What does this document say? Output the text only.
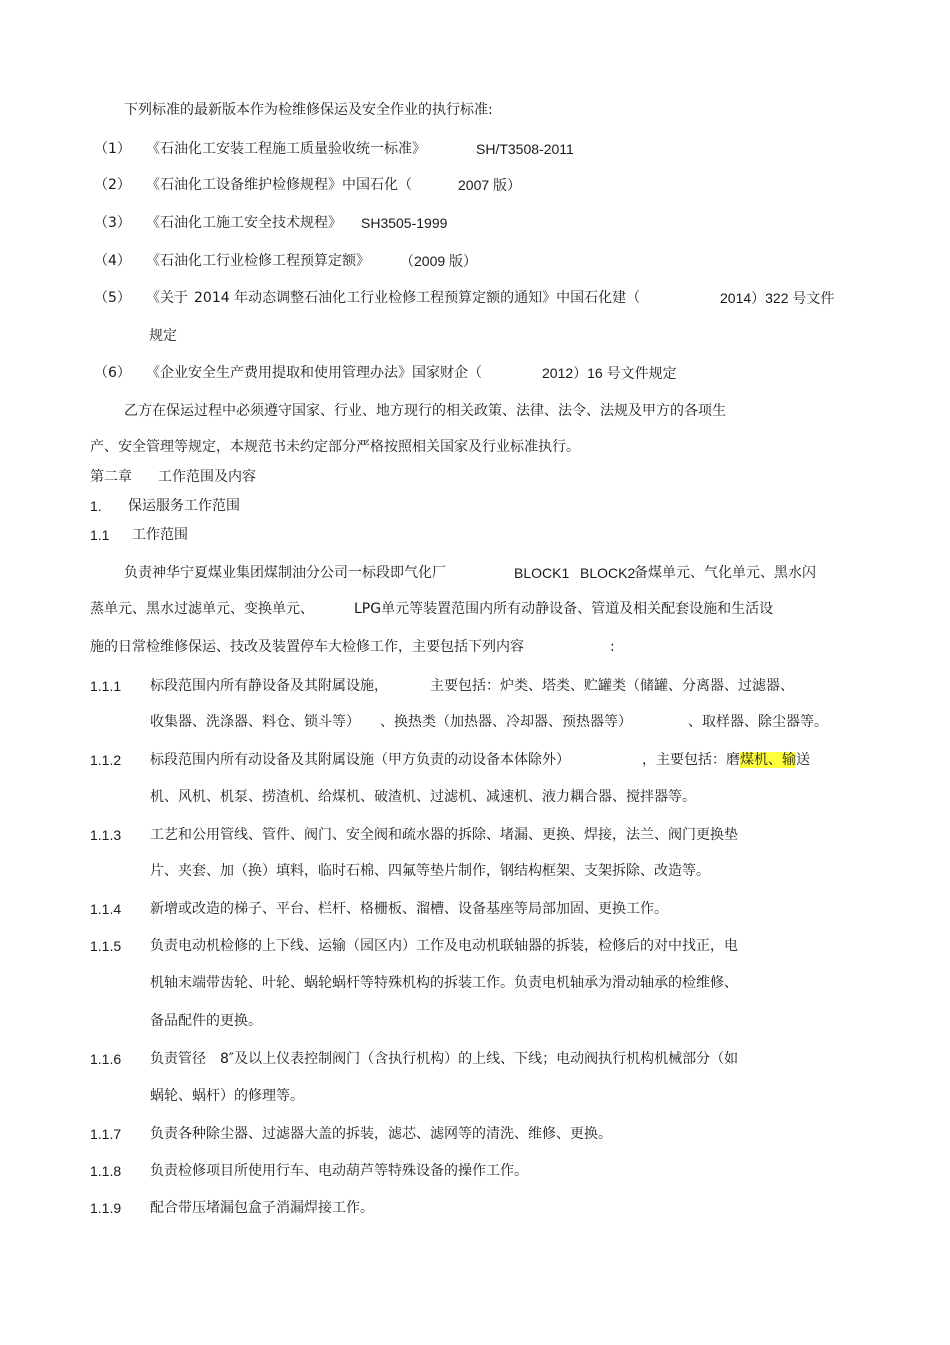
下列标准的最新版本作为检维修保运及安全作业的执行标准:
（1） 《石油化工安装工程施工质量验收统一标准》	SH/T3508-2011
（2） 《石油化工设备维护检修规程》中国石化（	2007 版）
（3） 《石油化工施工安全技术规程》 SH3505-1999
（4） 《石油化工行业检修工程预算定额》 （2009 版）
（5） 《关于 2014 年动态调整石油化工行业检修工程预算定额的通知》中国石化建（	2014）322 号文件
规定
（6） 《企业安全生产费用提取和使用管理办法》国家财企（	2012）16 号文件规定
乙方在保运过程中必须遵守国家、行业、地方现行的相关政策、法律、法令、法规及甲方的各项生
产、安全管理等规定，本规范书未约定部分严格按照相关国家及行业标准执行。
第二章 工作范围及内容
1. 保运服务工作范围
1.1 工作范围
负责神华宁夏煤业集团煤制油分公司一标段即气化厂	BLOCK1 BLOCK2
备煤单元、气化单元、黑水闪
蒸单元、黑水过滤单元、变换单元、	LPG单元等装置范围内所有动静设备、管道及相关配套设施和生活设
施的日常检维修保运、技改及装置停车大检修工作，主要包括下列内容	:
1.1.1 标段范围内所有静设备及其附属设施，	主要包括：炉类、塔类、贮罐类（储罐、分离器、过滤器、
收集器、洗涤器、料仓、锁斗等） 、换热类（加热器、冷却器、预热器等）	、取样器、除尘器等。
1.1.2 标段范围内所有动设备及其附属设施（甲方负责的动设备本体除外）	，主要包括：磨煤机、输送
机、风机、机泵、捞渣机、给煤机、破渣机、过滤机、减速机、液力耦合器、搅拌器等。
1.1.3 工艺和公用管线、管件、阀门、安全阀和疏水器的拆除、堵漏、更换、焊接，法兰、阀门更换垫
片、夹套、加（换）填料，临时石棉、四氟等垫片制作，钢结构框架、支架拆除、改造等。
1.1.4 新增或改造的梯子、平台、栏杆、格栅板、溜槽、设备基座等局部加固、更换工作。
1.1.5 负责电动机检修的上下线、运输（园区内）工作及电动机联轴器的拆装，检修后的对中找正，电
机轴末端带齿轮、叶轮、蜗轮蜗杆等特殊机构的拆装工作。负责电机轴承为滑动轴承的检维修、
备品配件的更换。
1.1.6 负责管径 8″及以上仪表控制阀门（含执行机构）的上线、下线；电动阀执行机构机械部分（如
蜗轮、蜗杆）的修理等。
1.1.7 负责各种除尘器、过滤器大盖的拆装，滤芯、滤网等的清洗、维修、更换。
1.1.8 负责检修项目所使用行车、电动葫芦等特殊设备的操作工作。
1.1.9 配合带压堵漏包盒子消漏焊接工作。
